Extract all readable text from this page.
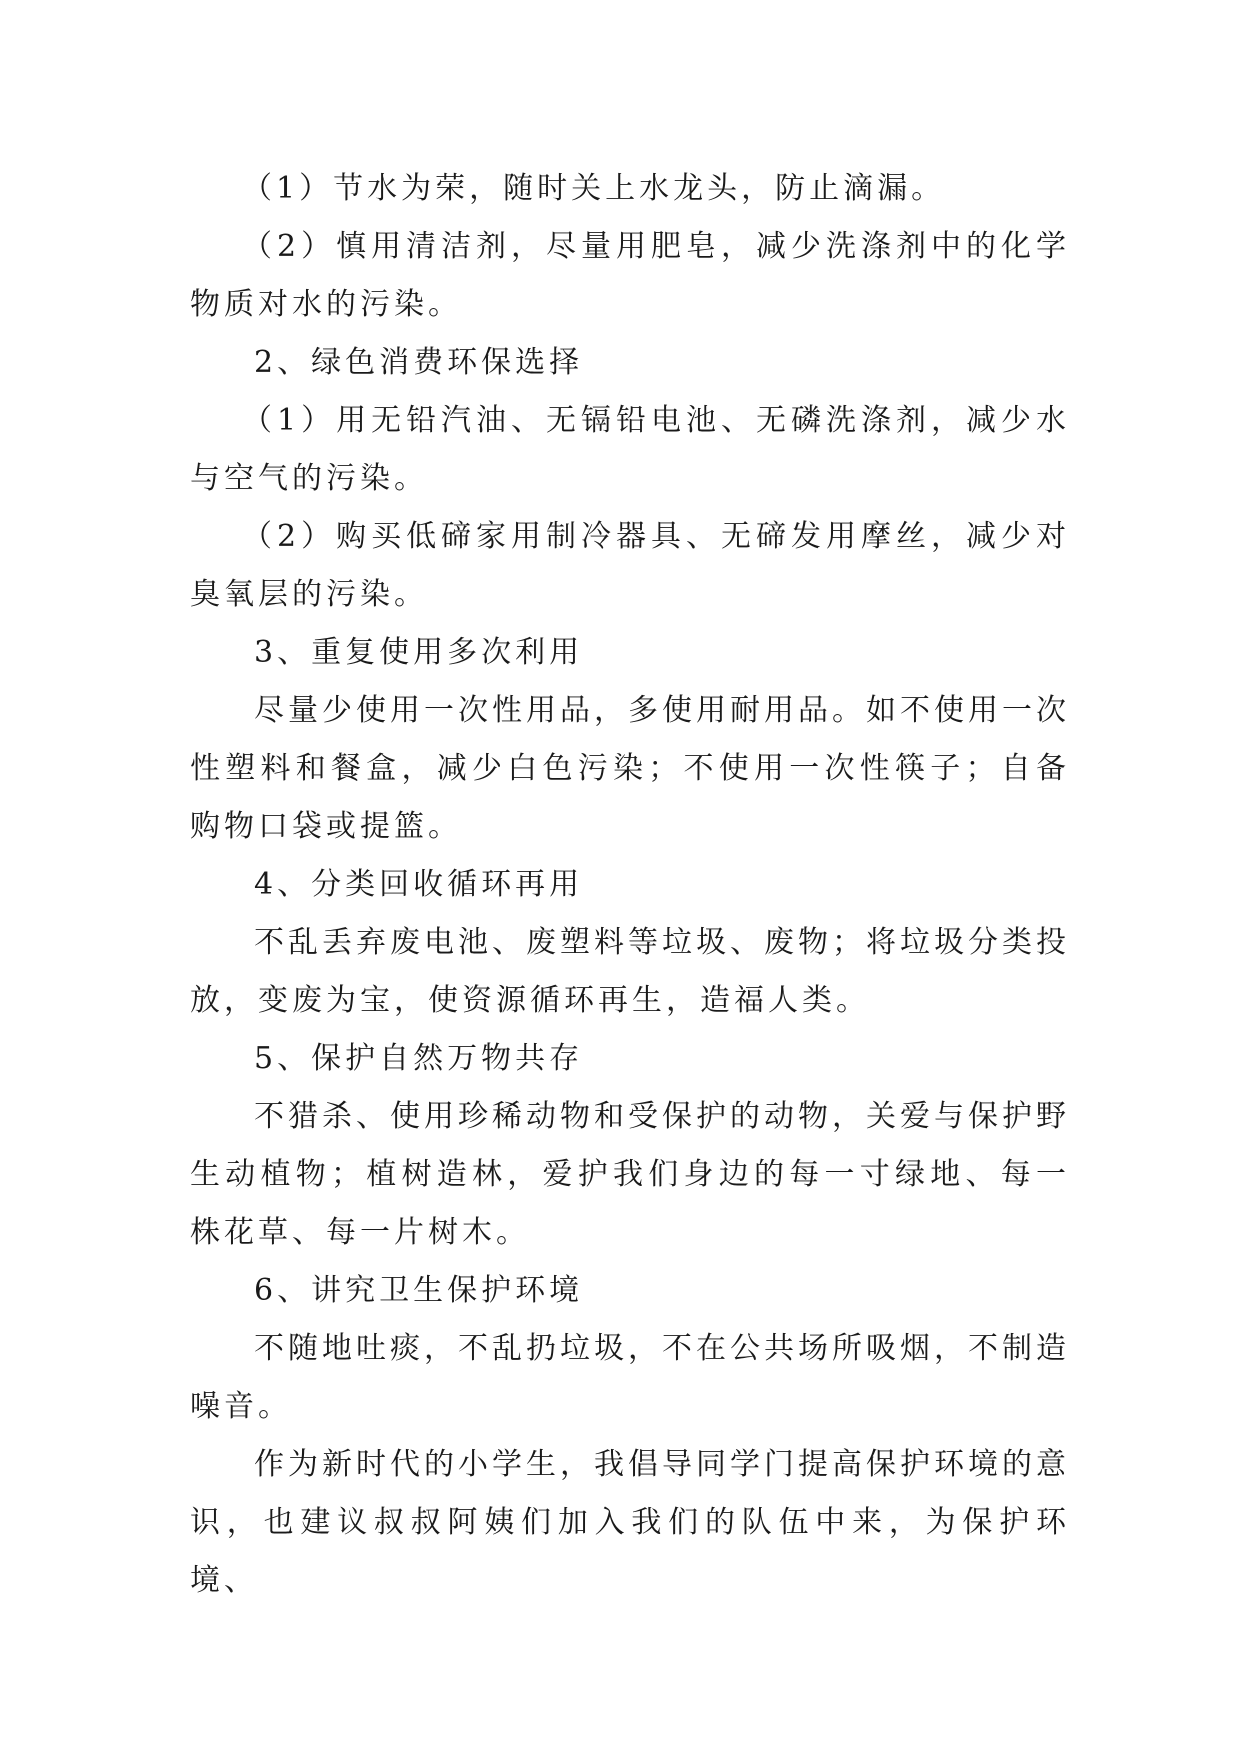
（1）节水为荣，随时关上水龙头，防止滴漏。

（2）慎用清洁剂，尽量用肥皂，减少洗涤剂中的化学物质对水的污染。

2、绿色消费环保选择

（1）用无铅汽油、无镉铅电池、无磷洗涤剂，减少水与空气的污染。

（2）购买低碲家用制冷器具、无碲发用摩丝，减少对臭氧层的污染。

3、重复使用多次利用

尽量少使用一次性用品，多使用耐用品。如不使用一次性塑料和餐盒，减少白色污染；不使用一次性筷子；自备购物口袋或提篮。

4、分类回收循环再用

不乱丢弃废电池、废塑料等垃圾、废物；将垃圾分类投放，变废为宝，使资源循环再生，造福人类。

5、保护自然万物共存

不猎杀、使用珍稀动物和受保护的动物，关爱与保护野生动植物；植树造林，爱护我们身边的每一寸绿地、每一株花草、每一片树木。

6、讲究卫生保护环境

不随地吐痰，不乱扔垃圾，不在公共场所吸烟，不制造噪音。

作为新时代的小学生，我倡导同学门提高保护环境的意识，也建议叔叔阿姨们加入我们的队伍中来，为保护环境、
